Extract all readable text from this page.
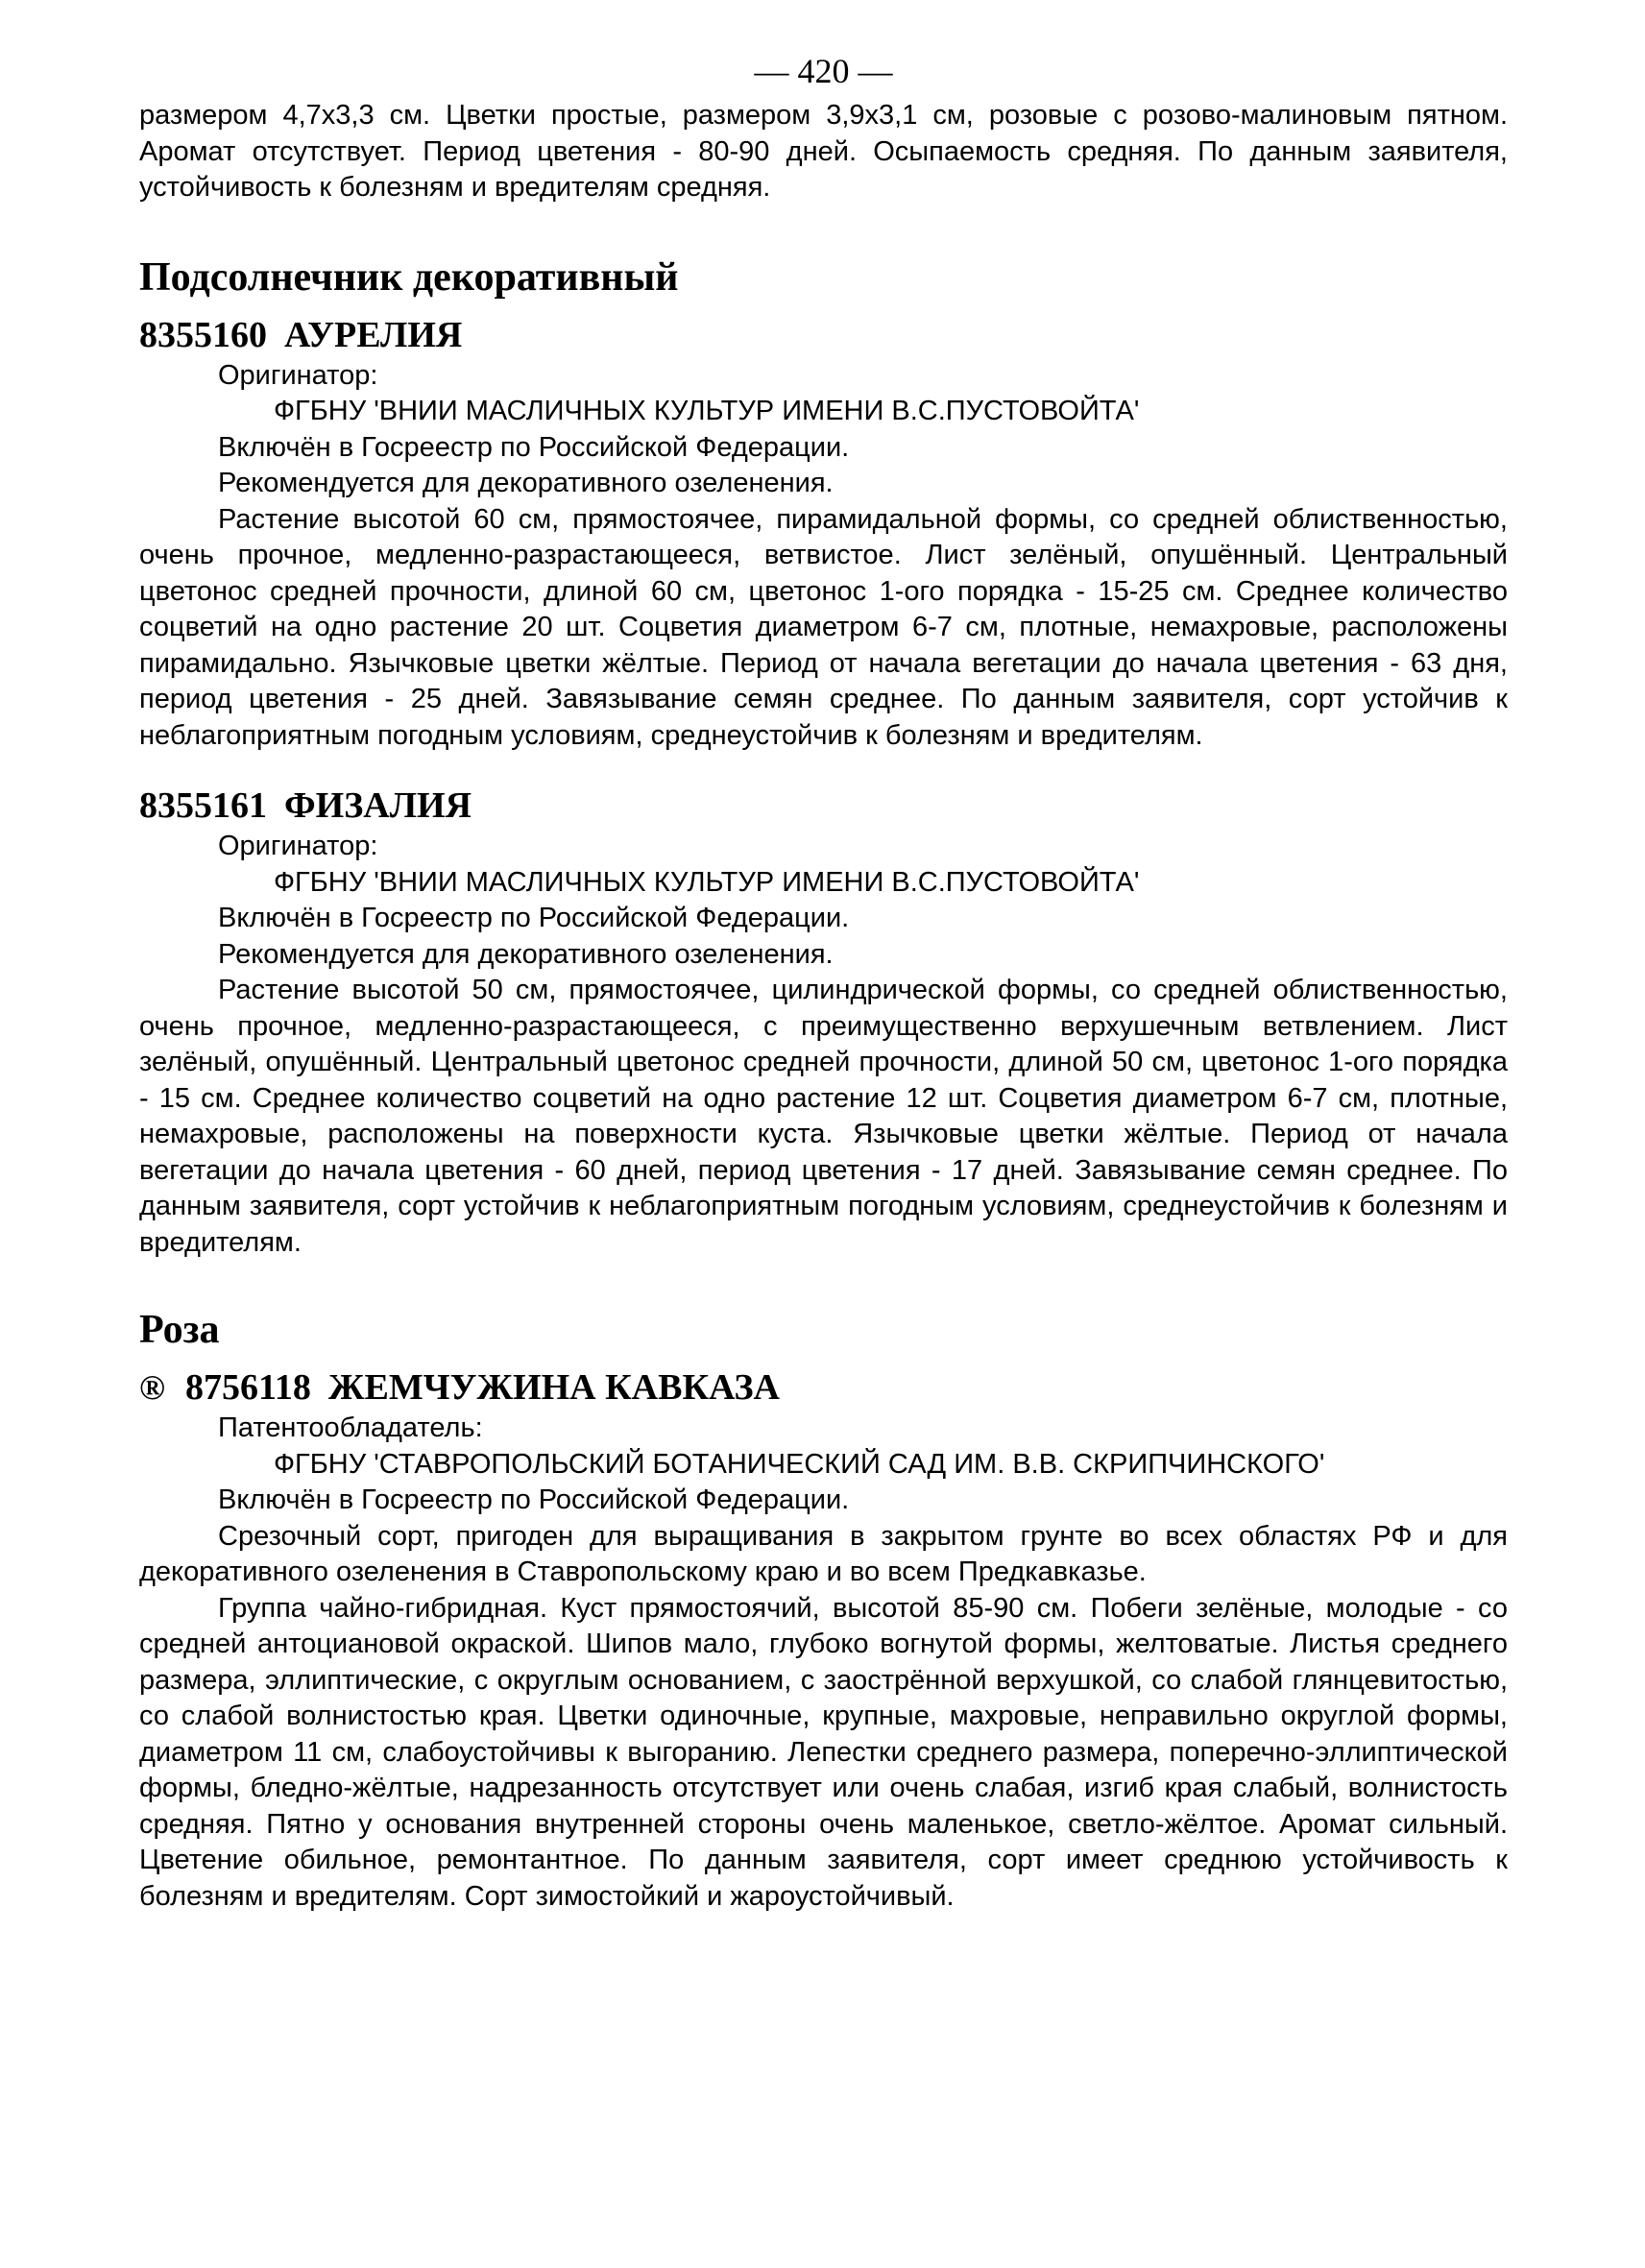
— 420 —

размером 4,7х3,3 см. Цветки простые, размером 3,9х3,1 см, розовые с розово-малиновым пятном. Аромат отсутствует. Период цветения - 80-90 дней. Осыпаемость средняя. По данным заявителя, устойчивость к болезням и вредителям средняя.

Подсолнечник декоративный
8355160 АУРЕЛИЯ

Оригинатор:

ФГБНУ 'ВНИИ МАСЛИЧНЫХ КУЛЬТУР ИМЕНИ В.С.ПУСТОВОЙТА'

Включён в Госреестр по Российской Федерации.

Рекомендуется для декоративного озеленения.

Растение высотой 60 см, прямостоячее, пирамидальной формы, со средней облиственностью, очень прочное, медленно-разрастающееся, ветвистое. Лист зелёный, опушённый. Центральный цветонос средней прочности, длиной 60 см, цветонос 1-ого порядка - 15-25 см. Среднее количество соцветий на одно растение 20 шт. Соцветия диаметром 6-7 см, плотные, немахровые, расположены пирамидально. Язычковые цветки жёлтые. Период от начала вегетации до начала цветения - 63 дня, период цветения - 25 дней. Завязывание семян среднее. По данным заявителя, сорт устойчив к неблагоприятным погодным условиям, среднеустойчив к болезням и вредителям.

8355161 ФИЗАЛИЯ

Оригинатор:

ФГБНУ 'ВНИИ МАСЛИЧНЫХ КУЛЬТУР ИМЕНИ В.С.ПУСТОВОЙТА'

Включён в Госреестр по Российской Федерации.

Рекомендуется для декоративного озеленения.

Растение высотой 50 см, прямостоячее, цилиндрической формы, со средней облиственностью, очень прочное, медленно-разрастающееся, с преимущественно верхушечным ветвлением. Лист зелёный, опушённый. Центральный цветонос средней прочности, длиной 50 см, цветонос 1-ого порядка - 15 см. Среднее количество соцветий на одно растение 12 шт. Соцветия диаметром 6-7 см, плотные, немахровые, расположены на поверхности куста. Язычковые цветки жёлтые. Период от начала вегетации до начала цветения - 60 дней, период цветения - 17 дней. Завязывание семян среднее. По данным заявителя, сорт устойчив к неблагоприятным погодным условиям, среднеустойчив к болезням и вредителям.

Роза
® 8756118 ЖЕМЧУЖИНА КАВКАЗА

Патентообладатель:

ФГБНУ 'СТАВРОПОЛЬСКИЙ БОТАНИЧЕСКИЙ САД ИМ. В.В. СКРИПЧИНСКОГО'

Включён в Госреестр по Российской Федерации.

Срезочный сорт, пригоден для выращивания в закрытом грунте во всех областях РФ и для декоративного озеленения в Ставропольскому краю и во всем Предкавказье.

Группа чайно-гибридная. Куст прямостоячий, высотой 85-90 см. Побеги зелёные, молодые - со средней антоциановой окраской. Шипов мало, глубоко вогнутой формы, желтоватые. Листья среднего размера, эллиптические, с округлым основанием, с заострённой верхушкой, со слабой глянцевитостью, со слабой волнистостью края. Цветки одиночные, крупные, махровые, неправильно округлой формы, диаметром 11 см, слабоустойчивы к выгоранию. Лепестки среднего размера, поперечно-эллиптической формы, бледно-жёлтые, надрезанность отсутствует или очень слабая, изгиб края слабый, волнистость средняя. Пятно у основания внутренней стороны очень маленькое, светло-жёлтое. Аромат сильный. Цветение обильное, ремонтантное. По данным заявителя, сорт имеет среднюю устойчивость к болезням и вредителям. Сорт зимостойкий и жароустойчивый.
